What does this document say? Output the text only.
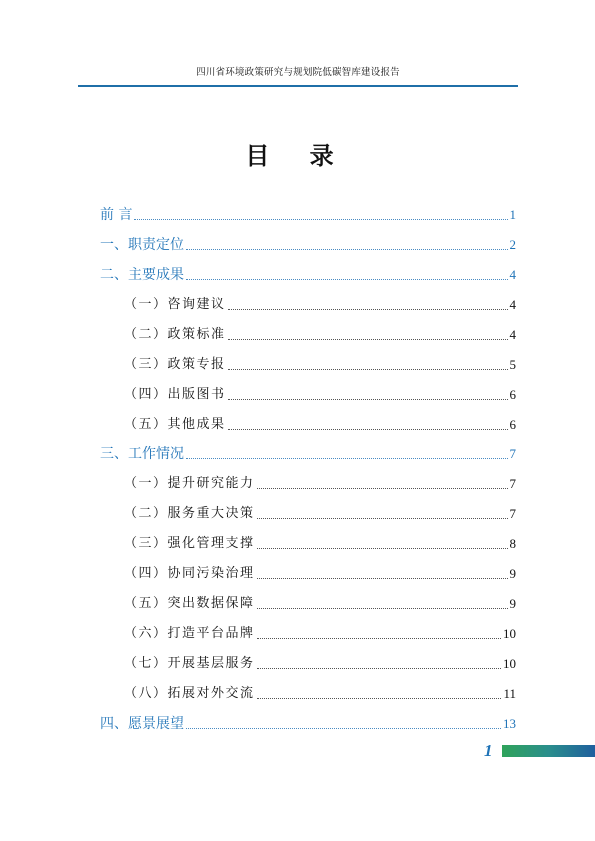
四川省环境政策研究与规划院低碳智库建设报告
目 录
前 言	1
一、职责定位	2
二、主要成果	4
（一）咨询建议	4
（二）政策标准	4
（三）政策专报	5
（四）出版图书	6
（五）其他成果	6
三、工作情况	7
（一）提升研究能力	7
（二）服务重大决策	7
（三）强化管理支撑	8
（四）协同污染治理	9
（五）突出数据保障	9
（六）打造平台品牌	10
（七）开展基层服务	10
（八）拓展对外交流	11
四、愿景展望	13
1
